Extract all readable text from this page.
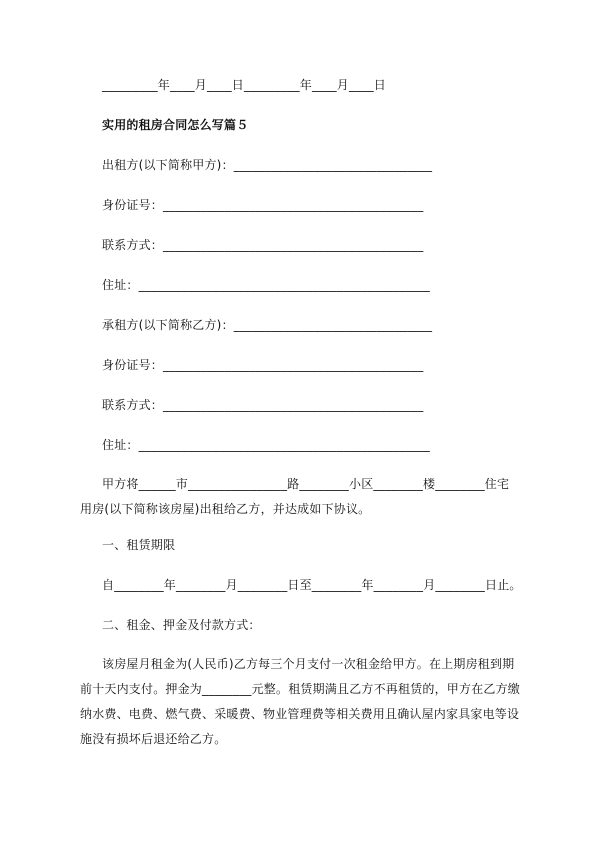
_________年____月____日_________年____月____日
实用的租房合同怎么写篇５
出租方(以下简称甲方)：________________________________
身份证号：__________________________________________
联系方式：__________________________________________
住址：_______________________________________________
承租方(以下简称乙方)：________________________________
身份证号：__________________________________________
联系方式：__________________________________________
住址：_______________________________________________
甲方将______市________________路________小区________楼________住宅用房(以下简称该房屋)出租给乙方，并达成如下协议。
一、租赁期限
自________年________月________日至________年________月________日止。
二、租金、押金及付款方式：
该房屋月租金为(人民币)乙方每三个月支付一次租金给甲方。在上期房租到期前十天内支付。押金为________元整。租赁期满且乙方不再租赁的，甲方在乙方缴纳水费、电费、燃气费、采暖费、物业管理费等相关费用且确认屋内家具家电等设施没有损坏后退还给乙方。
